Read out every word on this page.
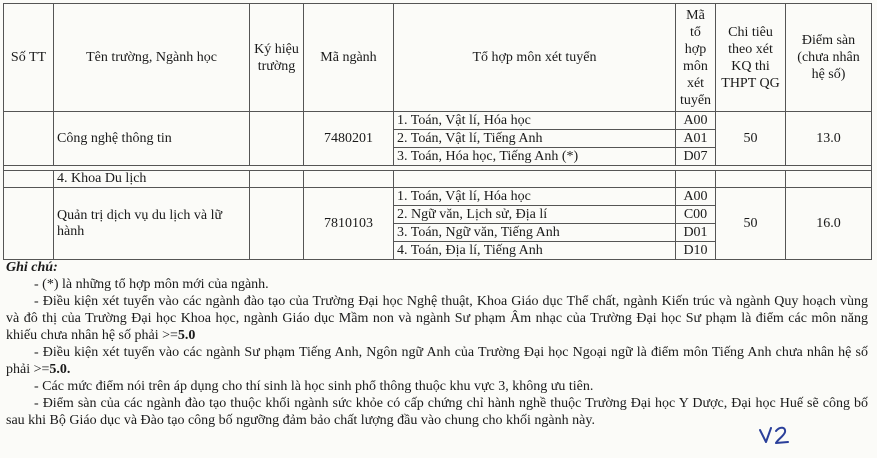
Số TT	Tên trường, Ngành học	Ký hiệu trường	Mã ngành	Tổ hợp môn xét tuyển	Mã tổ hợp môn xét tuyển	Chi tiêu theo xét KQ thi THPT QG	Điểm sàn (chưa nhân hệ số)
	Công nghệ thông tin		7480201	1. Toán, Vật lí, Hóa học	A00	50	13.0
				2. Toán, Vật lí, Tiếng Anh	A01		
				3. Toán, Hóa học, Tiếng Anh (*)	D07		

	4. Khoa Du lịch						
	Quản trị dịch vụ du lịch và lữ hành		7810103	1. Toán, Vật lí, Hóa học	A00	50	16.0
				2. Ngữ văn, Lịch sử, Địa lí	C00		
				3. Toán, Ngữ văn, Tiếng Anh	D01		
				4. Toán, Địa lí, Tiếng Anh	D10		

Ghi chú:

- (*) là những tổ hợp môn mới của ngành.

- Điều kiện xét tuyển vào các ngành đào tạo của Trường Đại học Nghệ thuật, Khoa Giáo dục Thể chất, ngành Kiến trúc và ngành Quy hoạch vùng và đô thị của Trường Đại học Khoa học, ngành Giáo dục Mầm non và ngành Sư phạm Âm nhạc của Trường Đại học Sư phạm là điểm các môn năng khiếu chưa nhân hệ số phải >=5.0

- Điều kiện xét tuyển vào các ngành Sư phạm Tiếng Anh, Ngôn ngữ Anh của Trường Đại học Ngoại ngữ là điểm môn Tiếng Anh chưa nhân hệ số phải >=5.0.

- Các mức điểm nói trên áp dụng cho thí sinh là học sinh phổ thông thuộc khu vực 3, không ưu tiên.

- Điểm sàn của các ngành đào tạo thuộc khối ngành sức khỏe có cấp chứng chỉ hành nghề thuộc Trường Đại học Y Dược, Đại học Huế sẽ công bố sau khi Bộ Giáo dục và Đào tạo công bố ngưỡng đảm bảo chất lượng đầu vào chung cho khối ngành này.
